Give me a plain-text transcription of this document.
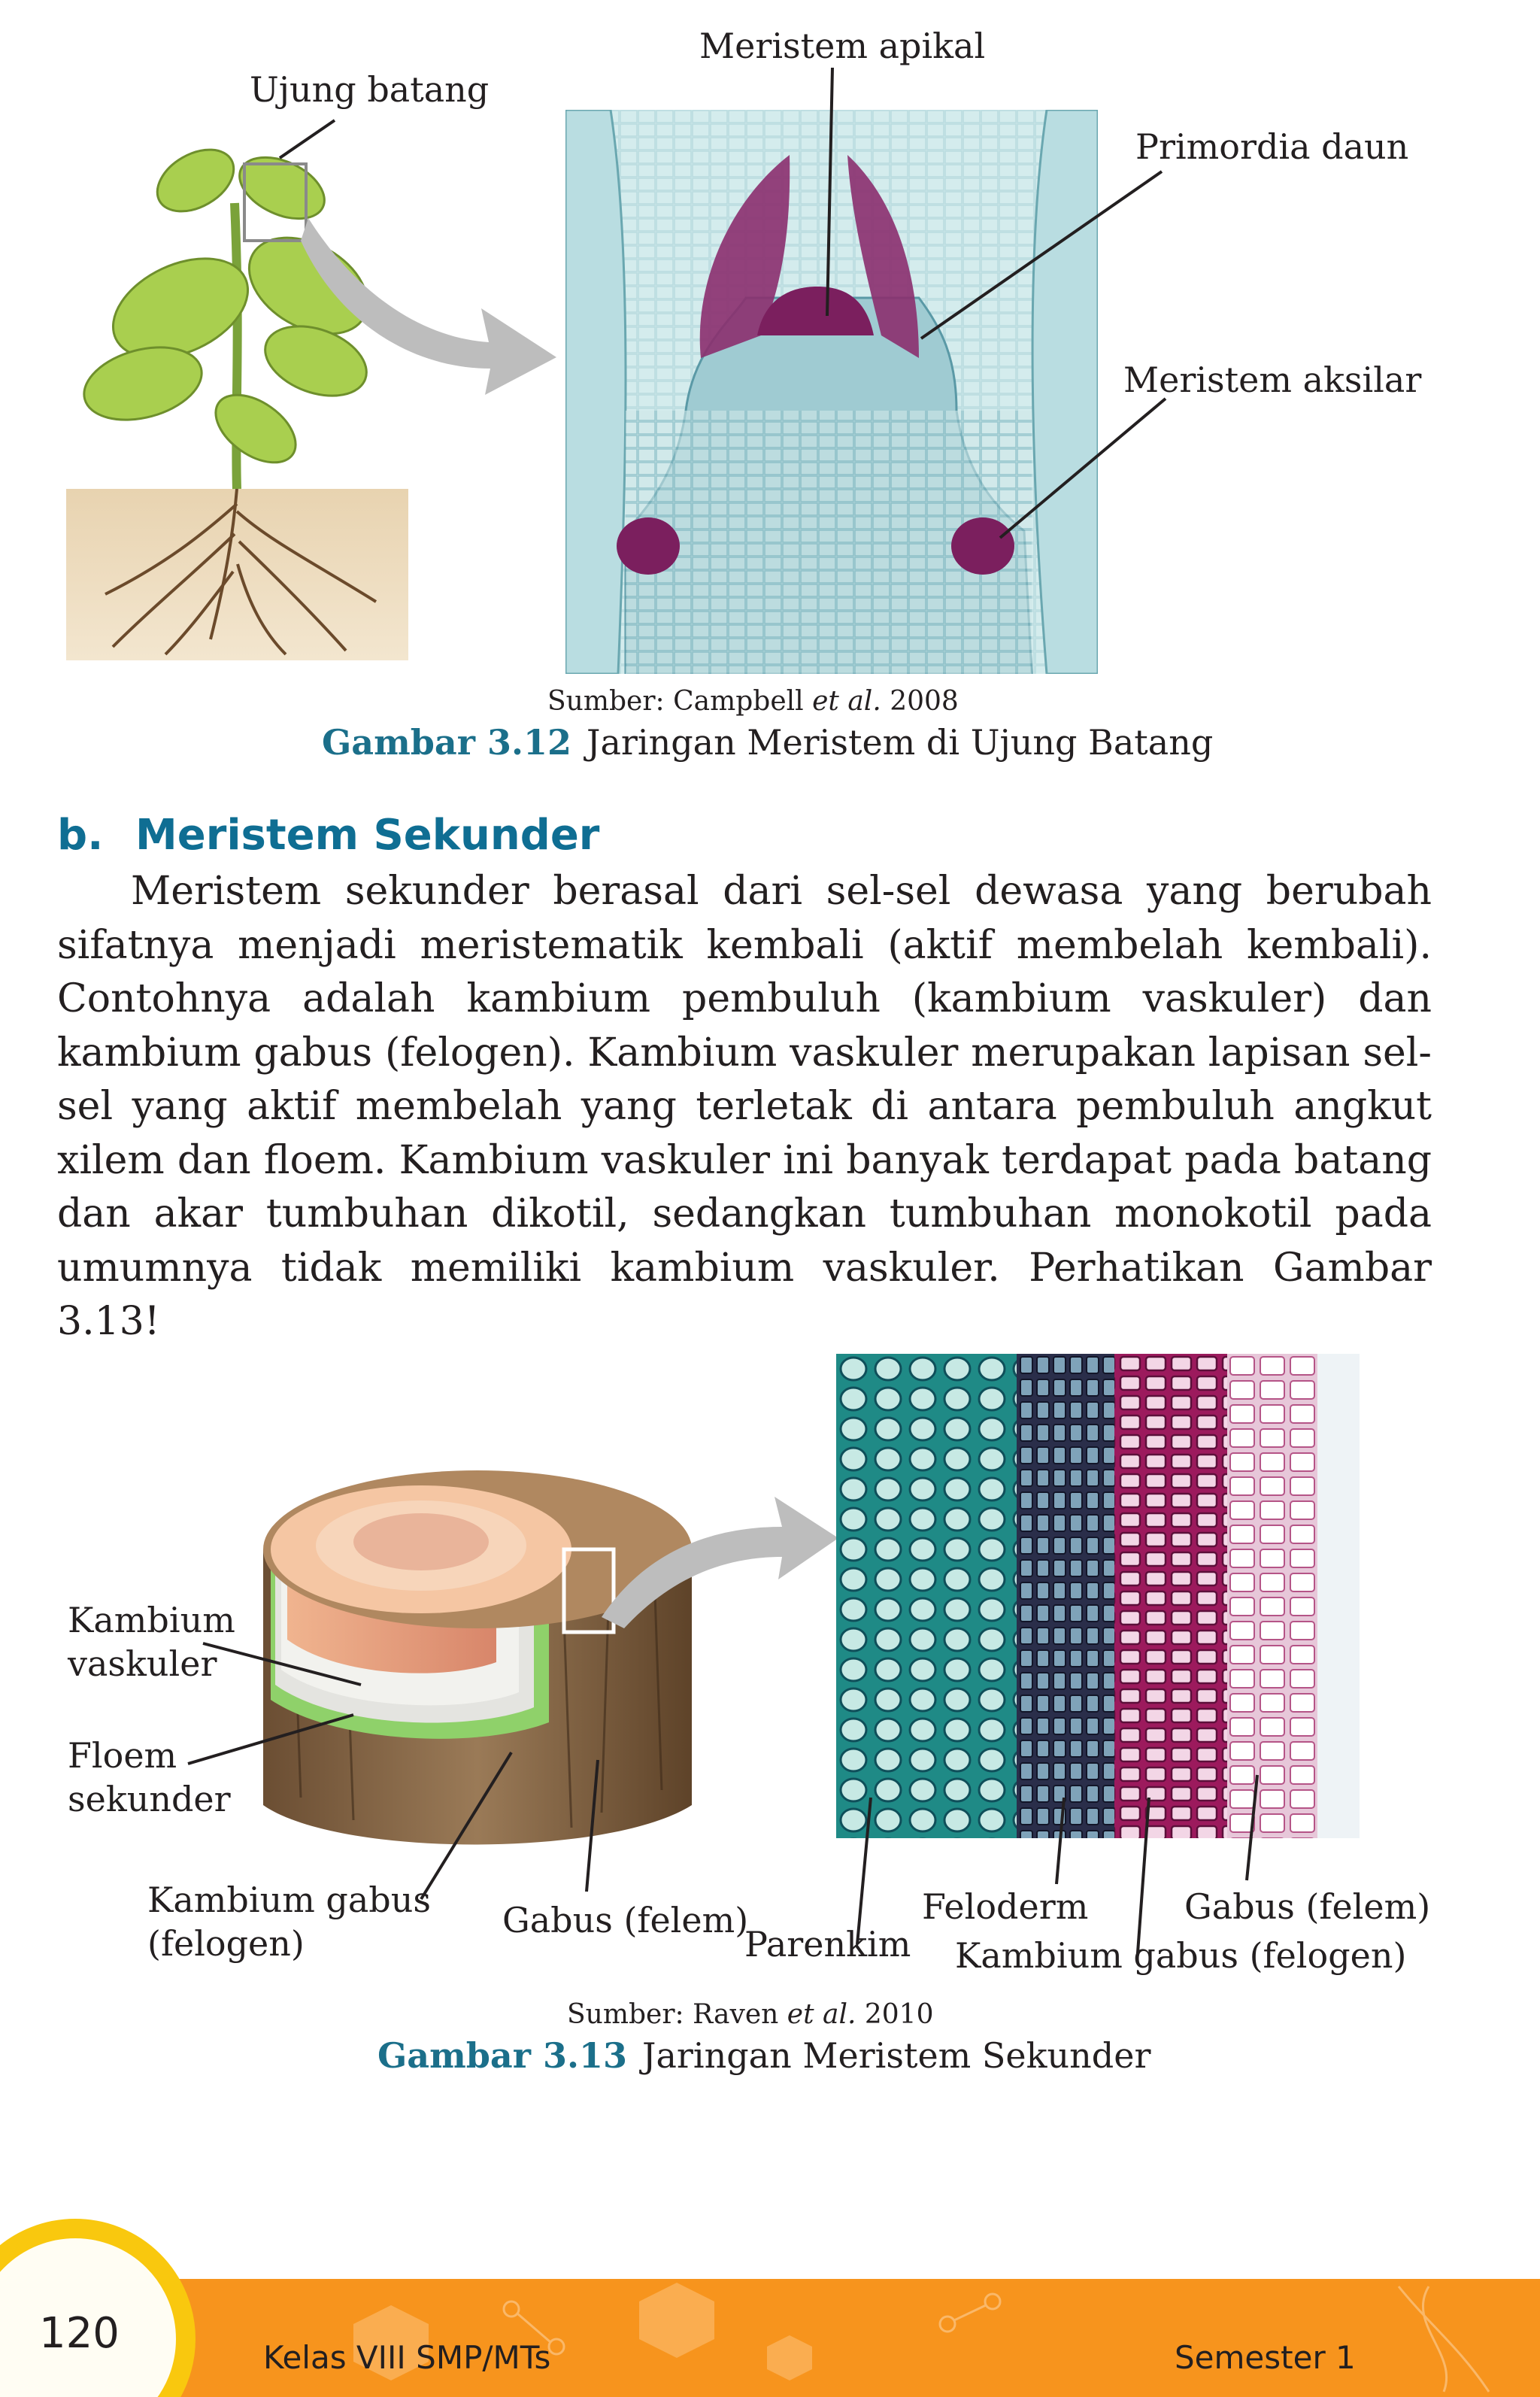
Ujung batang
Meristem apikal
Primordia daun
Meristem aksilar
Sumber: Campbell et al. 2008
Gambar 3.12 Jaringan Meristem di Ujung Batang
b. Meristem Sekunder

Meristem sekunder berasal dari sel-sel dewasa yang berubah sifatnya menjadi meristematik kembali (aktif membelah kembali). Contohnya adalah kambium pembuluh (kambium vaskuler) dan kambium gabus (felogen). Kambium vaskuler merupakan lapisan sel-sel yang aktif membelah yang terletak di antara pembuluh angkut xilem dan floem. Kambium vaskuler ini banyak terdapat pada batang dan akar tumbuhan dikotil, sedangkan tumbuhan monokotil pada umumnya tidak memiliki kambium vaskuler. Perhatikan Gambar 3.13!

Kambium
vaskuler
Floem
sekunder
Kambium gabus
(felogen)
Gabus (felem)
Parenkim
Feloderm	Gabus (felem)
Kambium gabus (felogen)
Sumber: Raven et al. 2010
Gambar 3.13 Jaringan Meristem Sekunder
120	Kelas VIII SMP/MTs	Semester 1
